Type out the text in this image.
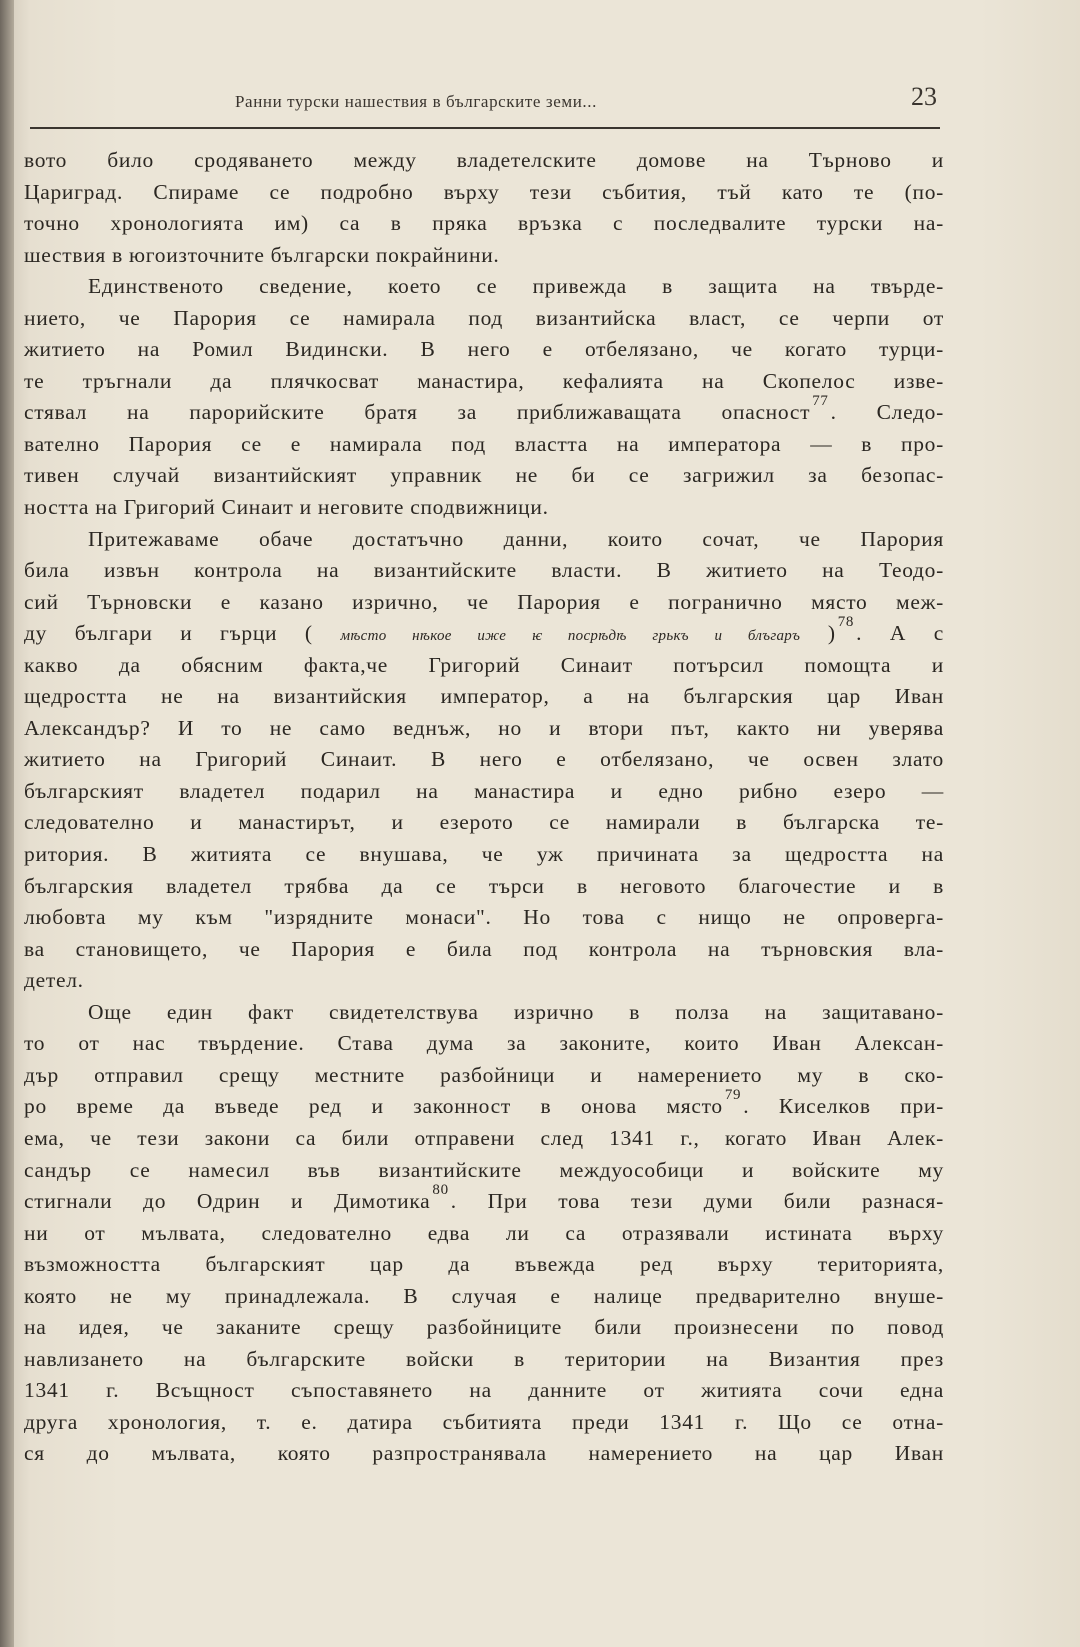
Ранни турски нашествия в българските земи...	23
вото било сродяването между владетелските домове на Търново и
Цариград. Спираме се подробно върху тези събития, тъй като те (по-
точно хронологията им) са в пряка връзка с последвалите турски на-
шествия в югоизточните български покрайнини.
Единственото сведение, което се привежда в защита на твърде-
нието, че Парория се намирала под византийска власт, се черпи от
житието на Ромил Видински. В него е отбелязано, че когато турци-
те тръгнали да плячкосват манастира, кефалията на Скопелос изве-
стявал на парорийските братя за приближаващата опасност $^{77}$. Следо-
вателно Парория се е намирала под властта на императора — в про-
тивен случай византийският управник не би се загрижил за безопас-
ността на Григорий Синаит и неговите сподвижници.
Притежаваме обаче достатъчно данни, които сочат, че Парория
била извън контрола на византийските власти. В житието на Теодо-
сий Търновски е казано изрично, че Парория е погранично място меж-
ду българи и гърци ( мѣсто нѣкое иже ѥ посрѣдѣ грькъ и блъгаръ ) $^{78}$. А с
какво да обясним факта,че Григорий Синаит потърсил помощта и
щедростта не на византийския император, а на българския цар Иван
Александър? И то не само веднъж, но и втори път, както ни уверява
житието на Григорий Синаит. В него е отбелязано, че освен злато
българският владетел подарил на манастира и едно рибно езеро —
следователно и манастирът, и езерото се намирали в българска те-
ритория. В житията се внушава, че уж причината за щедростта на
българския владетел трябва да се търси в неговото благочестие и в
любовта му към "изрядните монаси". Но това с нищо не опроверга-
ва становището, че Парория е била под контрола на търновския вла-
детел.
Още един факт свидетелствува изрично в полза на защитавано-
то от нас твърдение. Става дума за законите, които Иван Алексан-
дър отправил срещу местните разбойници и намерението му в ско-
ро време да въведе ред и законност в онова място $^{79}$. Киселков при-
ема, че тези закони са били отправени след 1341 г., когато Иван Алек-
сандър се намесил във византийските междуособици и войските му
стигнали до Одрин и Димотика $^{80}$. При това тези думи били разнася-
ни от мълвата, следователно едва ли са отразявали истината върху
възможността българският цар да въвежда ред върху територията,
която не му принадлежала. В случая е налице предварително внуше-
на идея, че заканите срещу разбойниците били произнесени по повод
навлизането на българските войски в територии на Византия през
1341 г. Всъщност съпоставянето на данните от житията сочи една
друга хронология, т. е. датира събитията преди 1341 г. Що се отна-
ся до мълвата, която разпространявала намерението на цар Иван
